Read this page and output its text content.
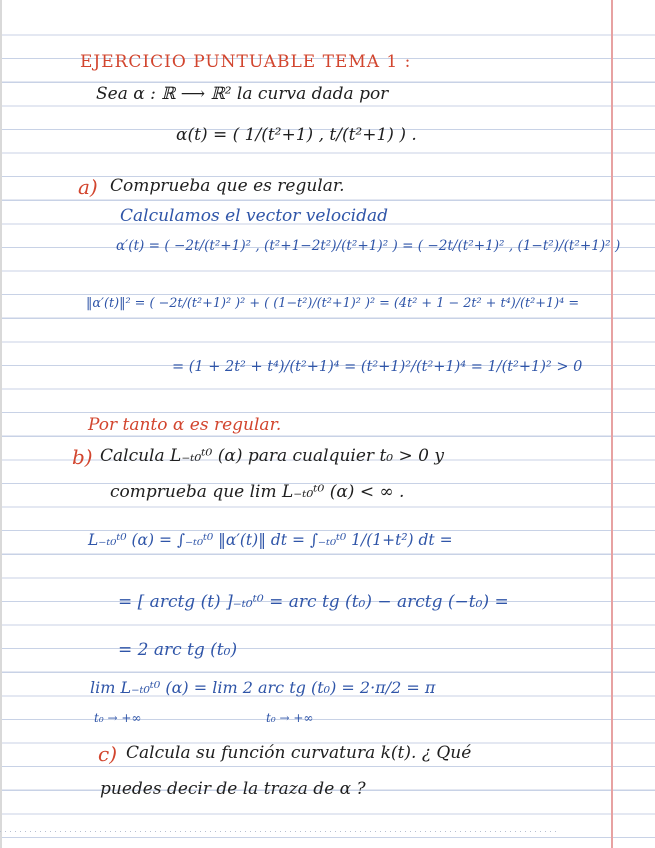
EJERCICIO PUNTUABLE TEMA 1 :
Sea α : ℝ ⟶ ℝ² la curva dada por
α(t) = ( 1/(t²+1) , t/(t²+1) ) .
a) Comprueba que es regular.
Calculamos el vector velocidad
α′(t) = ( −2t/(t²+1)² , (t²+1−2t²)/(t²+1)² ) = ( −2t/(t²+1)² , (1−t²)/(t²+1)² )
‖α′(t)‖² = ( −2t/(t²+1)² )² + ( (1−t²)/(t²+1)² )² = (4t² + 1 − 2t² + t⁴)/(t²+1)⁴ =
= (1 + 2t² + t⁴)/(t²+1)⁴ = (t²+1)²/(t²+1)⁴ = 1/(t²+1)² > 0
Por tanto α es regular.
b) Calcula L₋ₜ₀ᵗ⁰ (α) para cualquier t₀ > 0 y
comprueba que lim L₋ₜ₀ᵗ⁰ (α) < ∞ .
L₋ₜ₀ᵗ⁰ (α) = ∫₋ₜ₀ᵗ⁰ ‖α′(t)‖ dt = ∫₋ₜ₀ᵗ⁰ 1/(1+t²) dt =
= [ arctg (t) ]₋ₜ₀ᵗ⁰ = arc tg (t₀) − arctg (−t₀) =
= 2 arc tg (t₀)
lim L₋ₜ₀ᵗ⁰ (α) = lim 2 arc tg (t₀) = 2·π/2 = π
t₀ → +∞	t₀ → +∞
c) Calcula su función curvatura k(t). ¿ Qué
puedes decir de la traza de α ?
